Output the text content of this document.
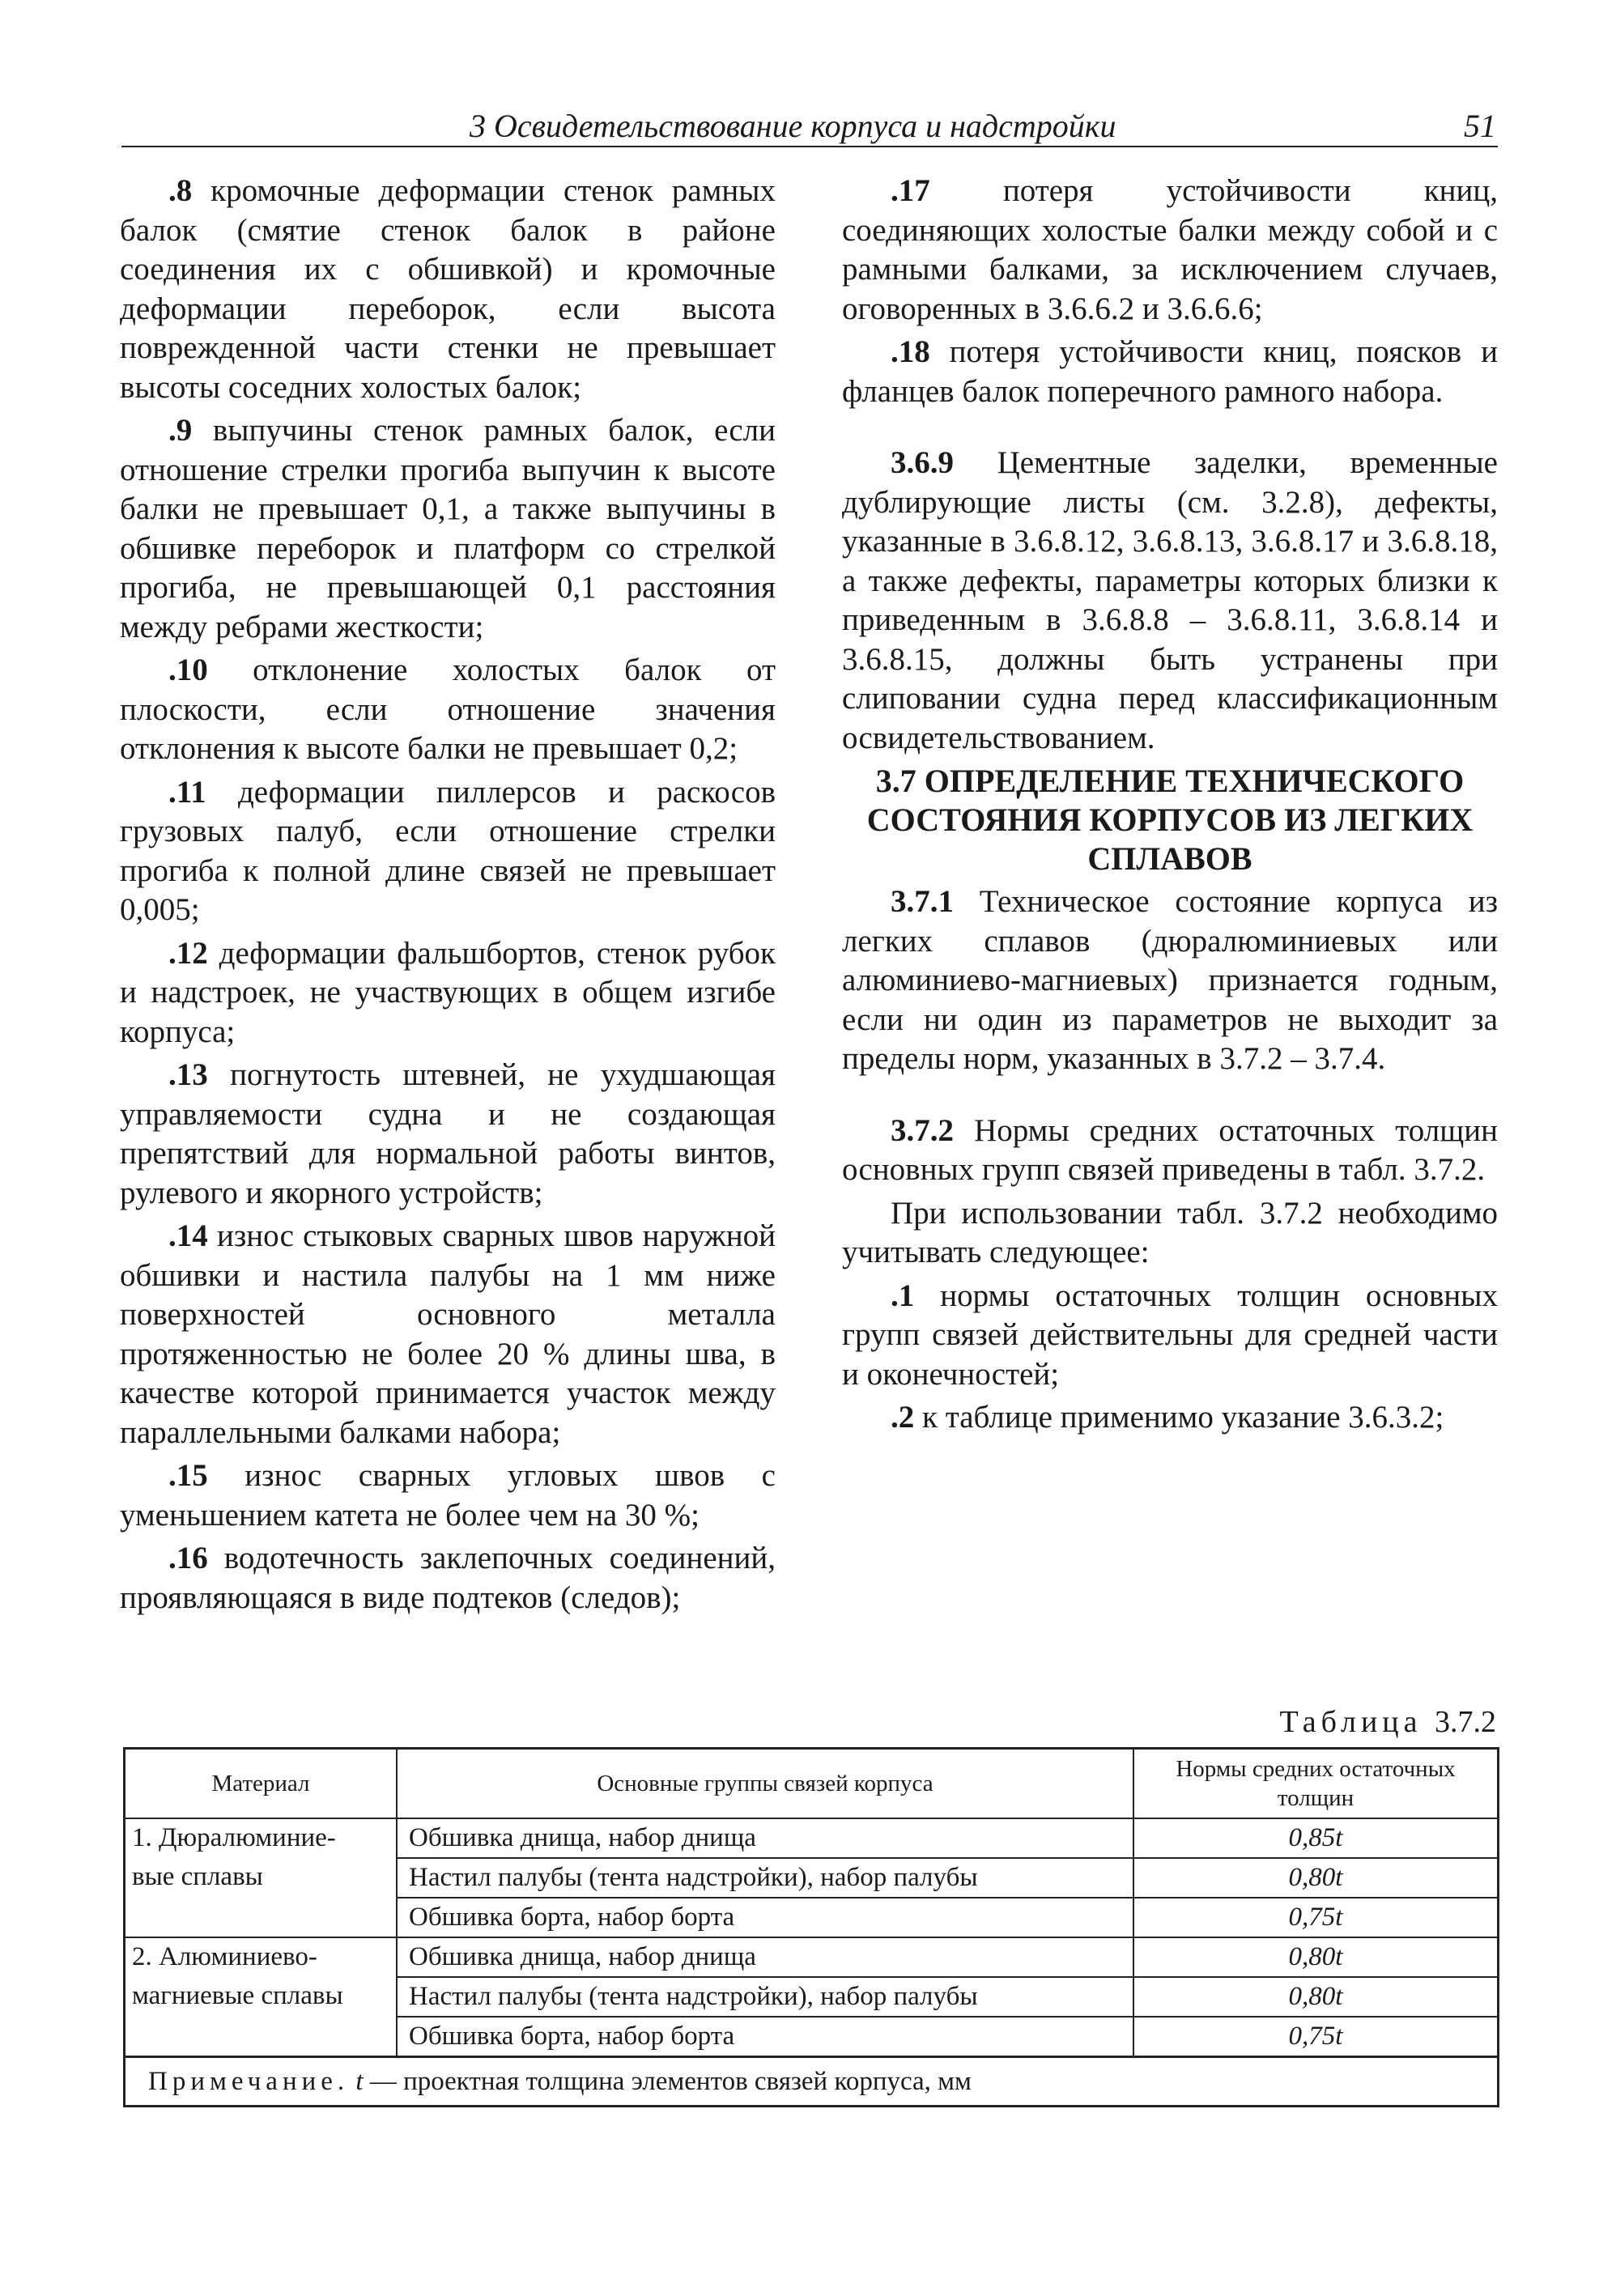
3 Освидетельствование корпуса и надстройки	51

.8 кромочные деформации стенок рамных балок (смятие стенок балок в районе соединения их с обшивкой) и кромочные деформации переборок, если высота поврежденной части стенки не превышает высоты соседних холостых балок;

.9 выпучины стенок рамных балок, если отношение стрелки прогиба выпучин к высоте балки не превышает 0,1, а также выпучины в обшивке переборок и платформ со стрелкой прогиба, не превышающей 0,1 расстояния между ребрами жесткости;

.10 отклонение холостых балок от плоскости, если отношение значения отклонения к высоте балки не превышает 0,2;

.11 деформации пиллерсов и раскосов грузовых палуб, если отношение стрелки прогиба к полной длине связей не превышает 0,005;

.12 деформации фальшбортов, стенок рубок и надстроек, не участвующих в общем изгибе корпуса;

.13 погнутость штевней, не ухудшающая управляемости судна и не создающая препятствий для нормальной работы винтов, рулевого и якорного устройств;

.14 износ стыковых сварных швов наружной обшивки и настила палубы на 1 мм ниже поверхностей основного металла протяженностью не более 20 % длины шва, в качестве которой принимается участок между параллельными балками набора;

.15 износ сварных угловых швов с уменьшением катета не более чем на 30 %;

.16 водотечность заклепочных соединений, проявляющаяся в виде подтеков (следов);

.17 потеря устойчивости книц, соединяющих холостые балки между собой и с рамными балками, за исключением случаев, оговоренных в 3.6.6.2 и 3.6.6.6;

.18 потеря устойчивости книц, поясков и фланцев балок поперечного рамного набора.

3.6.9 Цементные заделки, временные дублирующие листы (см. 3.2.8), дефекты, указанные в 3.6.8.12, 3.6.8.13, 3.6.8.17 и 3.6.8.18, а также дефекты, параметры которых близки к приведенным в 3.6.8.8 – 3.6.8.11, 3.6.8.14 и 3.6.8.15, должны быть устранены при слиповании судна перед классификационным освидетельствованием.

3.7 ОПРЕДЕЛЕНИЕ ТЕХНИЧЕСКОГО СОСТОЯНИЯ КОРПУСОВ ИЗ ЛЕГКИХ СПЛАВОВ

3.7.1 Техническое состояние корпуса из легких сплавов (дюралюминиевых или алюминиево-магниевых) признается годным, если ни один из параметров не выходит за пределы норм, указанных в 3.7.2 – 3.7.4.

3.7.2 Нормы средних остаточных толщин основных групп связей приведены в табл. 3.7.2.

При использовании табл. 3.7.2 необходимо учитывать следующее:

.1 нормы остаточных толщин основных групп связей действительны для средней части и оконечностей;

.2 к таблице применимо указание 3.6.3.2;

Таблица 3.7.2
Материал	Основные группы связей корпуса	Нормы средних остаточных толщин
1. Дюралюминие-	Обшивка днища, набор днища	0,85t
вые сплавы	Настил палубы (тента надстройки), набор палубы	0,80t
	Обшивка борта, набор борта	0,75t
2. Алюминиево-	Обшивка днища, набор днища	0,80t
магниевые сплавы	Настил палубы (тента надстройки), набор палубы	0,80t
	Обшивка борта, набор борта	0,75t
Примечание. t — проектная толщина элементов связей корпуса, мм		
